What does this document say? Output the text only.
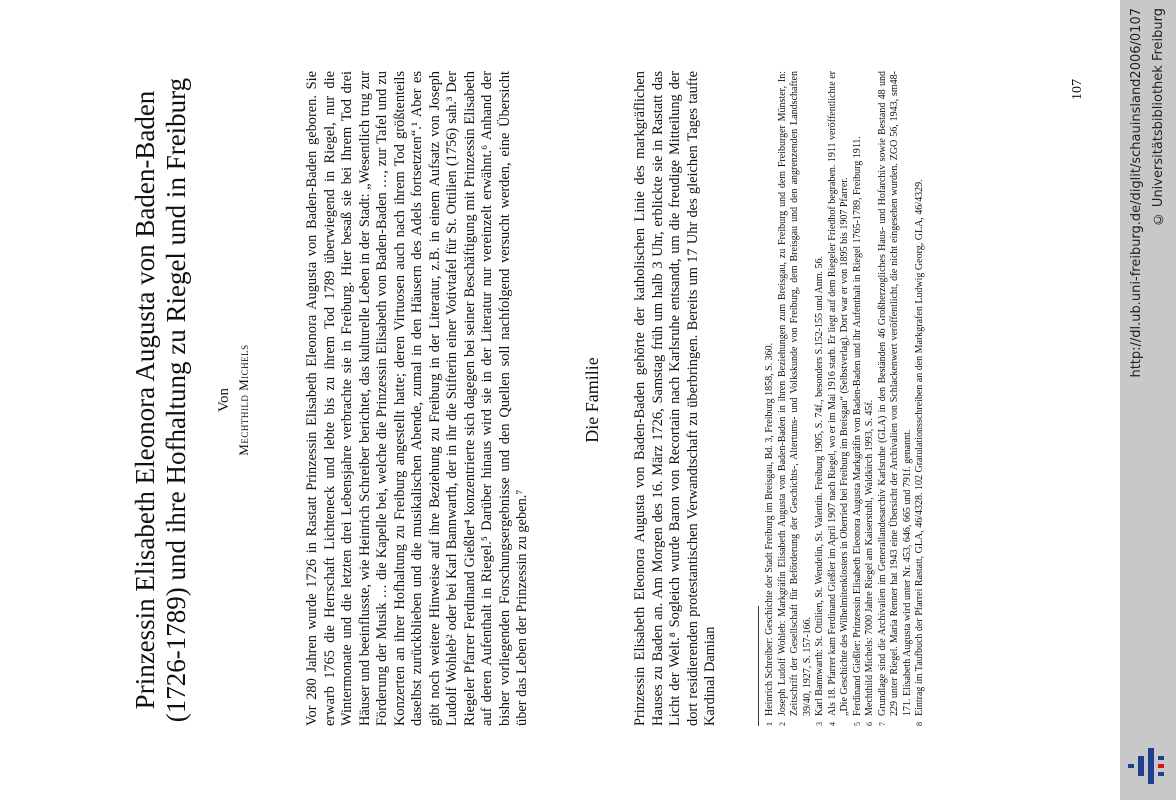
Prinzessin Elisabeth Eleonora Augusta von Baden-Baden (1726-1789) und ihre Hofhaltung zu Riegel und in Freiburg Von Mechthild Michels	Vor 280 Jahren wurde 1726 in Rastatt Prinzessin Elisabeth Eleonora Augusta von Baden-Baden geboren. Sie erwarb 1765 die Herrschaft Lichteneck und lebte bis zu ihrem Tod 1789 überwiegend in Riegel, nur die Wintermonate und die letzten drei Lebensjahre verbrachte sie in Freiburg. Hier besaß sie bei Ihrem Tod drei Häuser und beeinflusste, wie Heinrich Schreiber berichtet, das kulturelle Leben in der Stadt: „Wesentlich trug zur Förderung der Musik … die Kapelle bei, welche die Prinzessin Elisabeth von Baden-Baden …, zur Tafel und zu Konzerten an ihrer Hofhaltung zu Freiburg angestellt hatte; deren Virtuosen auch nach ihrem Tod größtenteils daselbst zurückblieben und die musikalischen Abende, zumal in den Häusern des Adels fortsetzten“.¹ Aber es gibt noch weitere Hinweise auf ihre Beziehung zu Freiburg in der Literatur, z.B. in einem Aufsatz von Joseph Ludolf Wohleb² oder bei Karl Bannwarth, der in ihr die Stifterin einer Votivtafel für St. Ottilien (1756) sah.³ Der Riegeler Pfarrer Ferdinand Gießler⁴ konzentrierte sich dagegen bei seiner Beschäftigung mit Prinzessin Elisabeth auf deren Aufenthalt in Riegel.⁵ Darüber hinaus wird sie in der Literatur nur vereinzelt erwähnt.⁶ Anhand der bisher vorliegenden Forschungsergebnisse und den Quellen soll nachfolgend versucht werden, eine Übersicht über das Leben der Prinzessin zu geben.⁷

Die Familie Prinzessin Elisabeth Eleonora Augusta von Baden-Baden gehörte der katholischen Linie des markgräflichen Hauses zu Baden an. Am Morgen des 16. März 1726, Samstag früh um halb 3 Uhr, erblickte sie in Rastatt das Licht der Welt.⁸ Sogleich wurde Baron von Recortain nach Karlsruhe entsandt, um die freudige Mitteilung der dort residierenden protestantischen Verwandtschaft zu überbringen. Bereits um 17 Uhr des gleichen Tages taufte Kardinal Damian	1
Heinrich Schreiber: Geschichte der Stadt Freiburg im Breisgau, Bd. 3, Freiburg 1858, S. 360.

2
Joseph Ludolf Wohleb: Markgräfin Elisabeth Augusta von Baden-Baden in ihren Beziehungen zum Breisgau, zu Freiburg und dem Freiburger Münster, In: Zeitschrift der Gesellschaft für Beförderung der Geschichts-, Altertums- und Volkskunde von Freiburg, dem Breisgau und den angrenzenden Landschaften 39/40, 1927, S. 157-166.

3
Karl Bannwarth: St. Ottilien, St. Wendelin, St. Valentin. Freiburg 1905, S. 74f., besonders S.152-155 und Anm. 56.

4
Als 18. Pfarrer kam Ferdinand Gießler im April 1907 nach Riegel, wo er im Mai 1916 starb. Er liegt auf dem Riegeler Friedhof begraben. 1911 veröffentlichte er „Die Geschichte des Wilhelmitenklosters in Oberried bei Freiburg im Breisgau“ (Selbstverlag). Dort war er von 1895 bis 1907 Pfarrer.

5
Ferdinand Gießler: Prinzessin Elisabeth Eleonora Augusta Markgräfin von Baden-Baden und ihr Aufenthalt in Riegel 1765-1789, Freiburg 1911.

6
Mechthild Michels: 7000 Jahre Riegel am Kaiserstuhl, Waldkirch 1993, S. 45f.

7
Grundlage sind die Archivalien im Generallandesarchiv Karlsruhe (GLA) in den Beständen 46 Großherzogliches Haus- und Hofarchiv sowie Bestand 48 und 229 unter Riegel. Maria Renner hat 1943 eine Übersicht der Archivalien von Schlackenwert veröffentlicht, die nicht eingesehen wurden. ZGO 56, 1943, sm48-171. Elisabeth Augusta wird unter Nr. 453, 646, 665 und 791f. genannt.

8
Eintrag im Taufbuch der Pfarrei Rastatt, GLA, 46/4328. 102 Gratulationsschreiben an den Markgrafen Ludwig Georg, GLA, 46/4329.

107	http://dl.ub.uni-freiburg.de/diglit/schauinsland2006/0107 © Universitätsbibliothek Freiburg
